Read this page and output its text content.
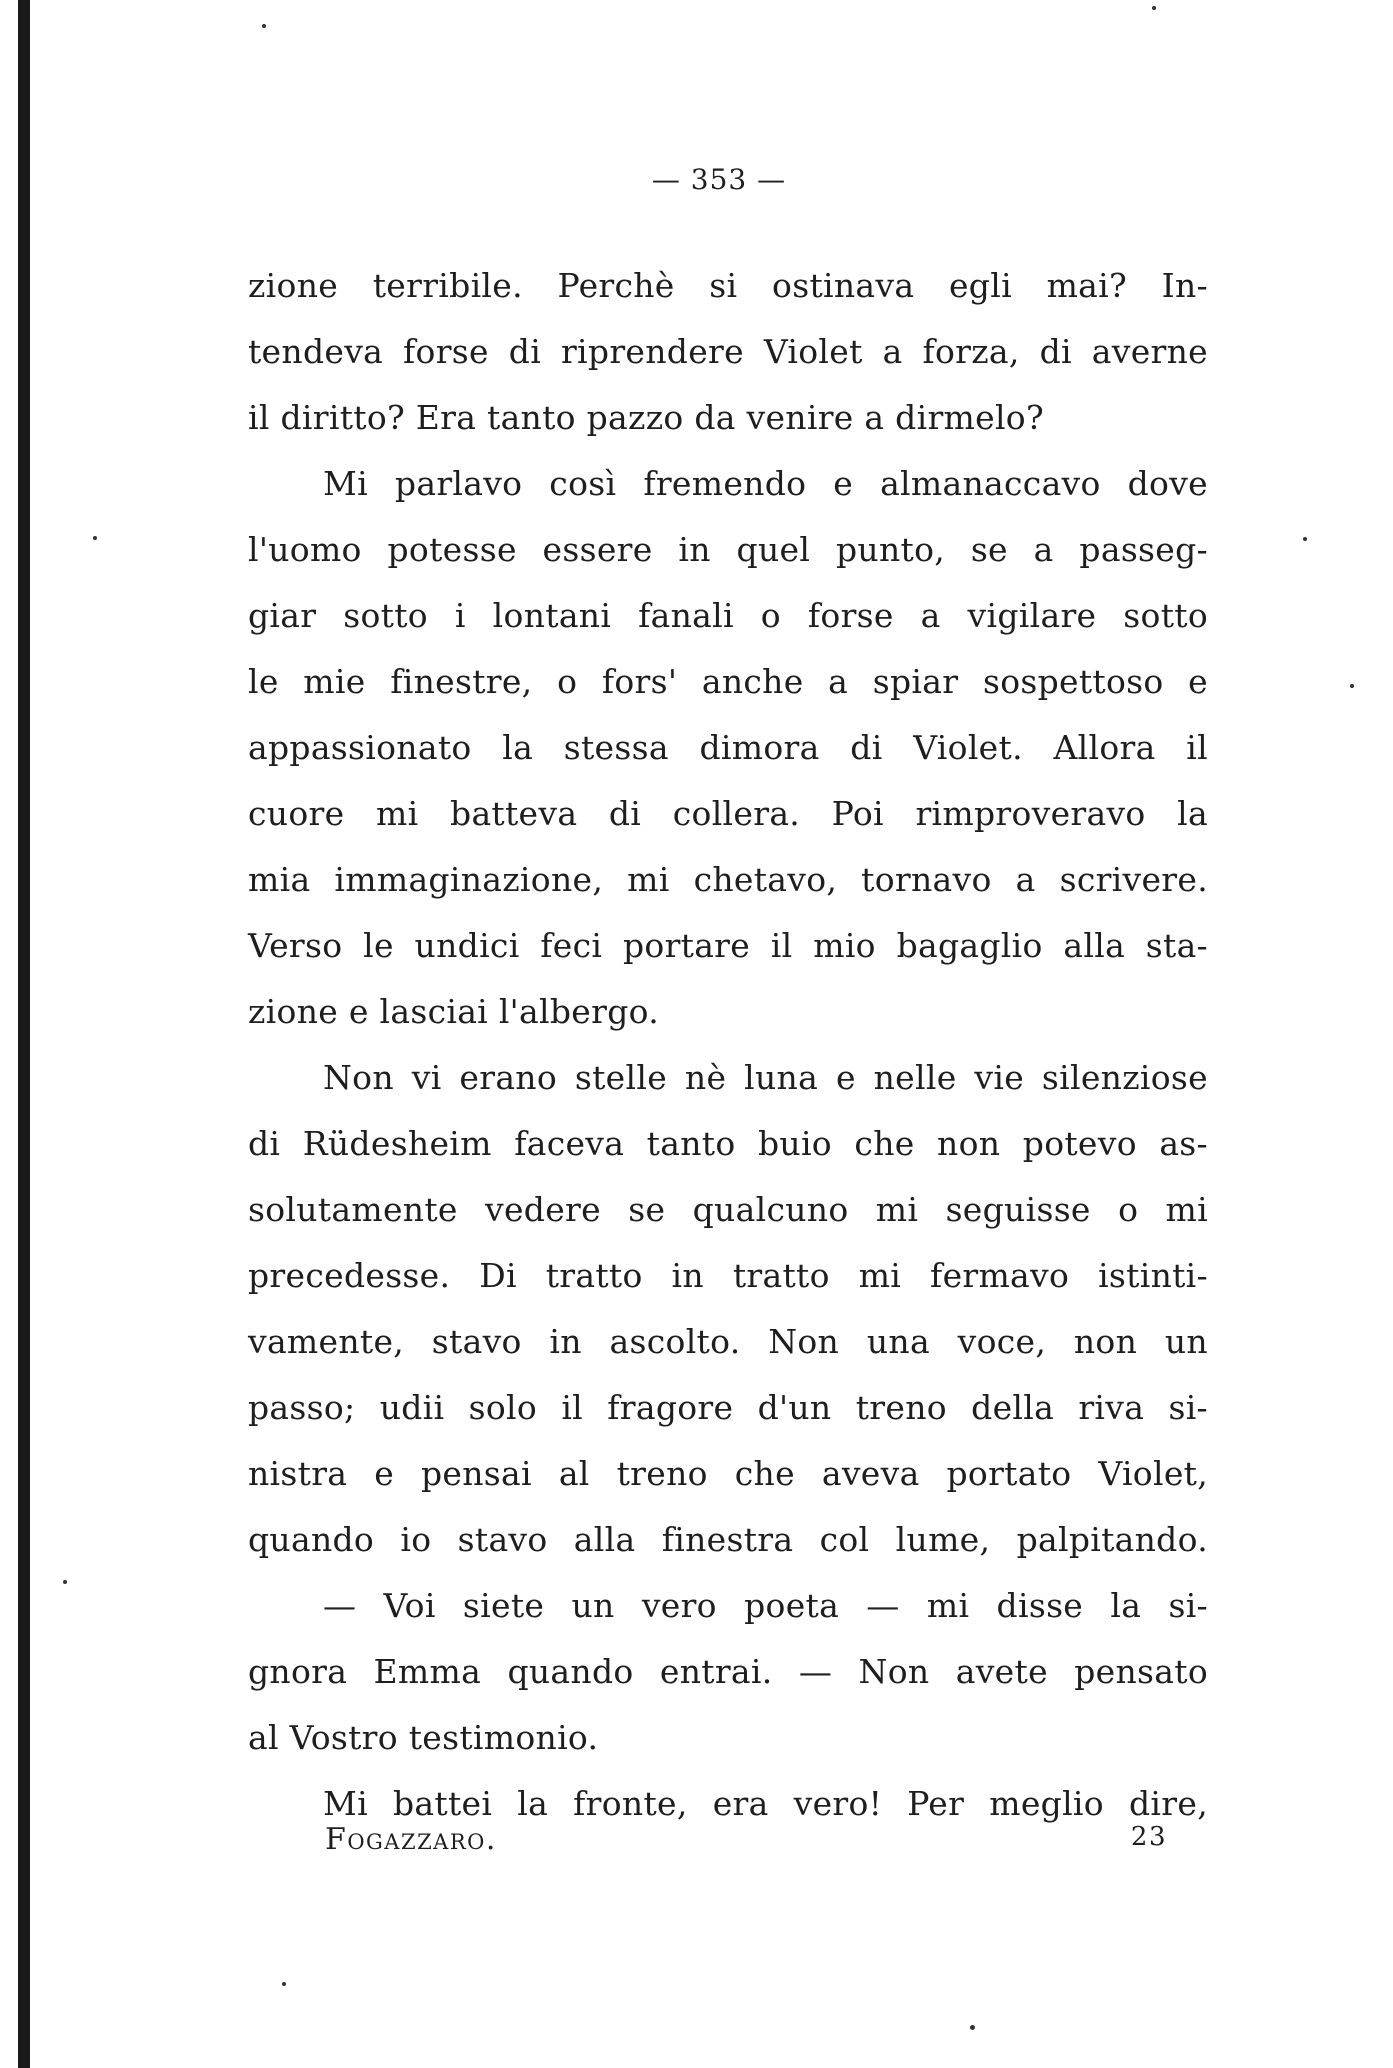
— 353 —
zione terribile. Perchè si ostinava egli mai? In-
tendeva forse di riprendere Violet a forza, di averne
il diritto? Era tanto pazzo da venire a dirmelo?
Mi parlavo così fremendo e almanaccavo dove
l'uomo potesse essere in quel punto, se a passeg-
giar sotto i lontani fanali o forse a vigilare sotto
le mie finestre, o fors' anche a spiar sospettoso e
appassionato la stessa dimora di Violet. Allora il
cuore mi batteva di collera. Poi rimproveravo la
mia immaginazione, mi chetavo, tornavo a scrivere.
Verso le undici feci portare il mio bagaglio alla sta-
zione e lasciai l'albergo.
Non vi erano stelle nè luna e nelle vie silenziose
di Rüdesheim faceva tanto buio che non potevo as-
solutamente vedere se qualcuno mi seguisse o mi
precedesse. Di tratto in tratto mi fermavo istinti-
vamente, stavo in ascolto. Non una voce, non un
passo; udii solo il fragore d'un treno della riva si-
nistra e pensai al treno che aveva portato Violet,
quando io stavo alla finestra col lume, palpitando.
— Voi siete un vero poeta — mi disse la si-
gnora Emma quando entrai. — Non avete pensato
al Vostro testimonio.
Mi battei la fronte, era vero! Per meglio dire,
Fogazzaro.	23
